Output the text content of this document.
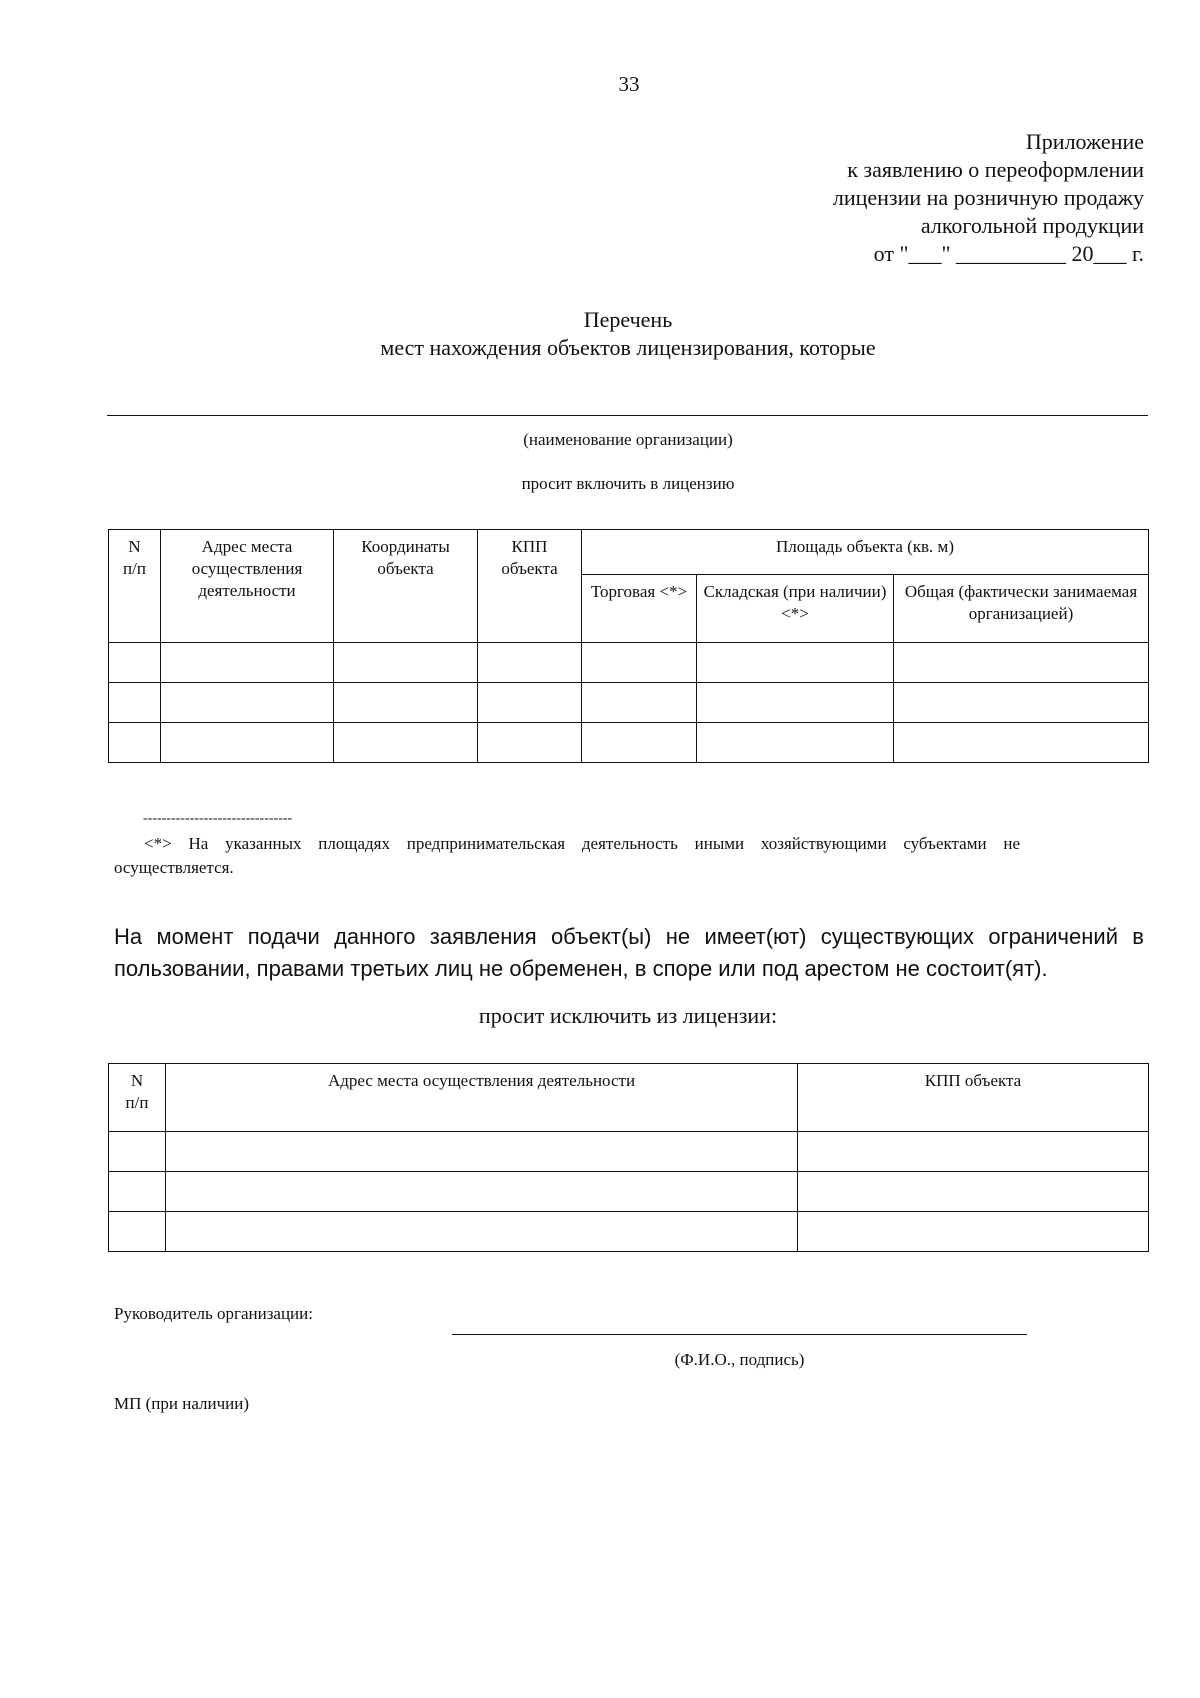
33
Приложение
к заявлению о переоформлении
лицензии на розничную продажу
алкогольной продукции
от "___" __________ 20___ г.
Перечень
мест нахождения объектов лицензирования, которые
(наименование организации)
просит включить в лицензию
N
п/п	Адрес места осуществления деятельности	Координаты объекта	КПП объекта	Площадь объекта (кв. м)		
				Торговая <*>	Складская (при наличии) <*>	Общая (фактически занимаемая организацией)

--------------------------------
<*> На указанных площадях предпринимательская деятельность иными хозяйствующими субъектами не осуществляется.
На момент подачи данного заявления объект(ы) не имеет(ют) существующих ограничений в пользовании, правами третьих лиц не обременен, в споре или под арестом не состоит(ят).
просит исключить из лицензии:
N
п/п	Адрес места осуществления деятельности	КПП объекта

Руководитель организации:
(Ф.И.О., подпись)
МП (при наличии)
